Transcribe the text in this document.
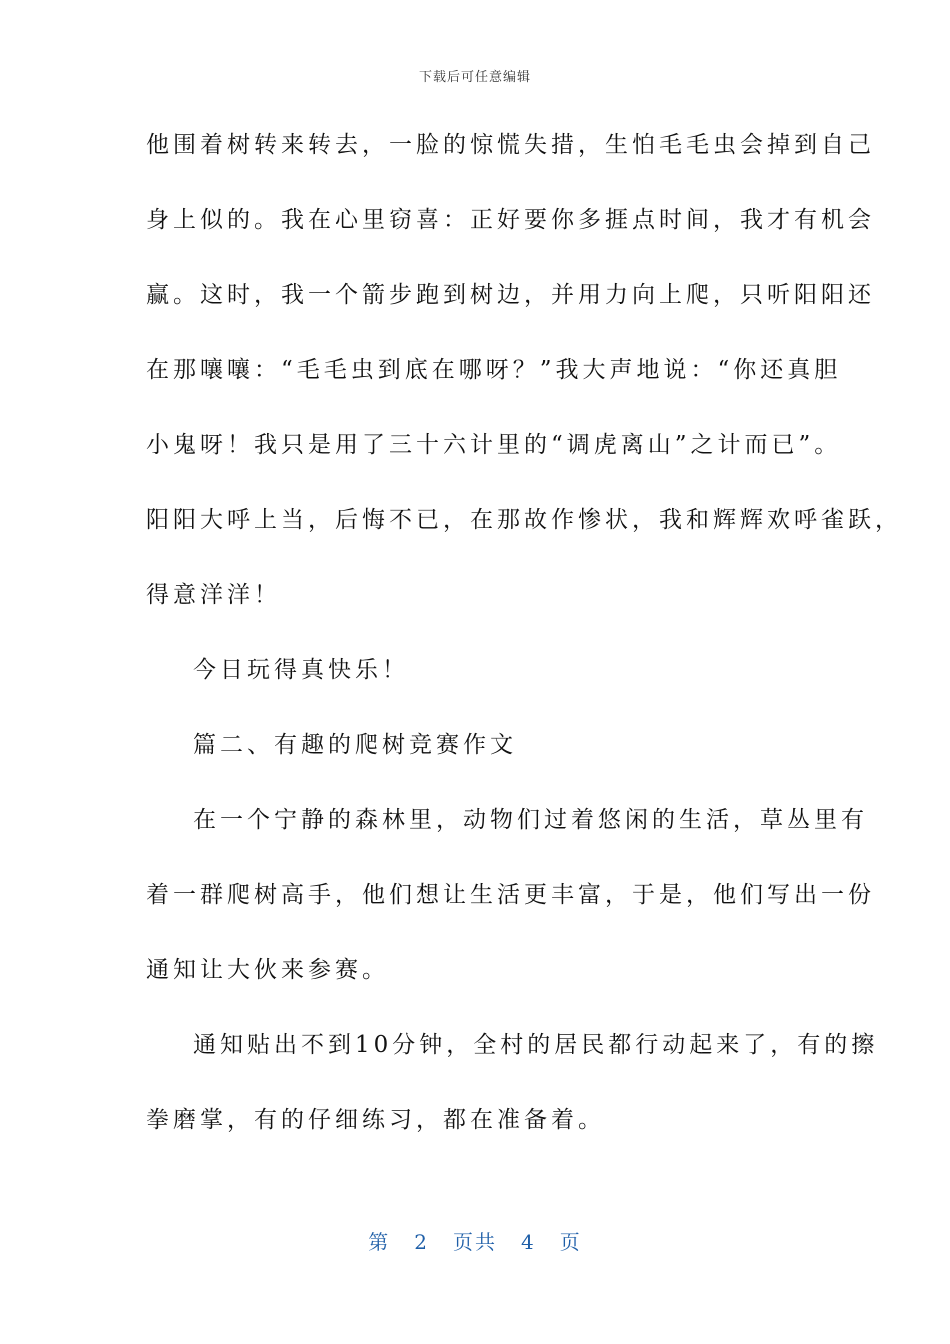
下载后可任意编辑
他围着树转来转去，一脸的惊慌失措，生怕毛毛虫会掉到自己
身上似的。我在心里窃喜：正好要你多捱点时间，我才有机会
赢。这时，我一个箭步跑到树边，并用力向上爬，只听阳阳还
在那嚷嚷：“毛毛虫到底在哪呀？”我大声地说：“你还真胆
小鬼呀！我只是用了三十六计里的“调虎离山”之计而已”。
阳阳大呼上当，后悔不已，在那故作惨状，我和辉辉欢呼雀跃，
得意洋洋！
今日玩得真快乐！
篇二、有趣的爬树竞赛作文
在一个宁静的森林里，动物们过着悠闲的生活，草丛里有
着一群爬树高手，他们想让生活更丰富，于是，他们写出一份
通知让大伙来参赛。
通知贴出不到10分钟，全村的居民都行动起来了，有的擦
拳磨掌，有的仔细练习，都在准备着。
第 2 页共 4 页
